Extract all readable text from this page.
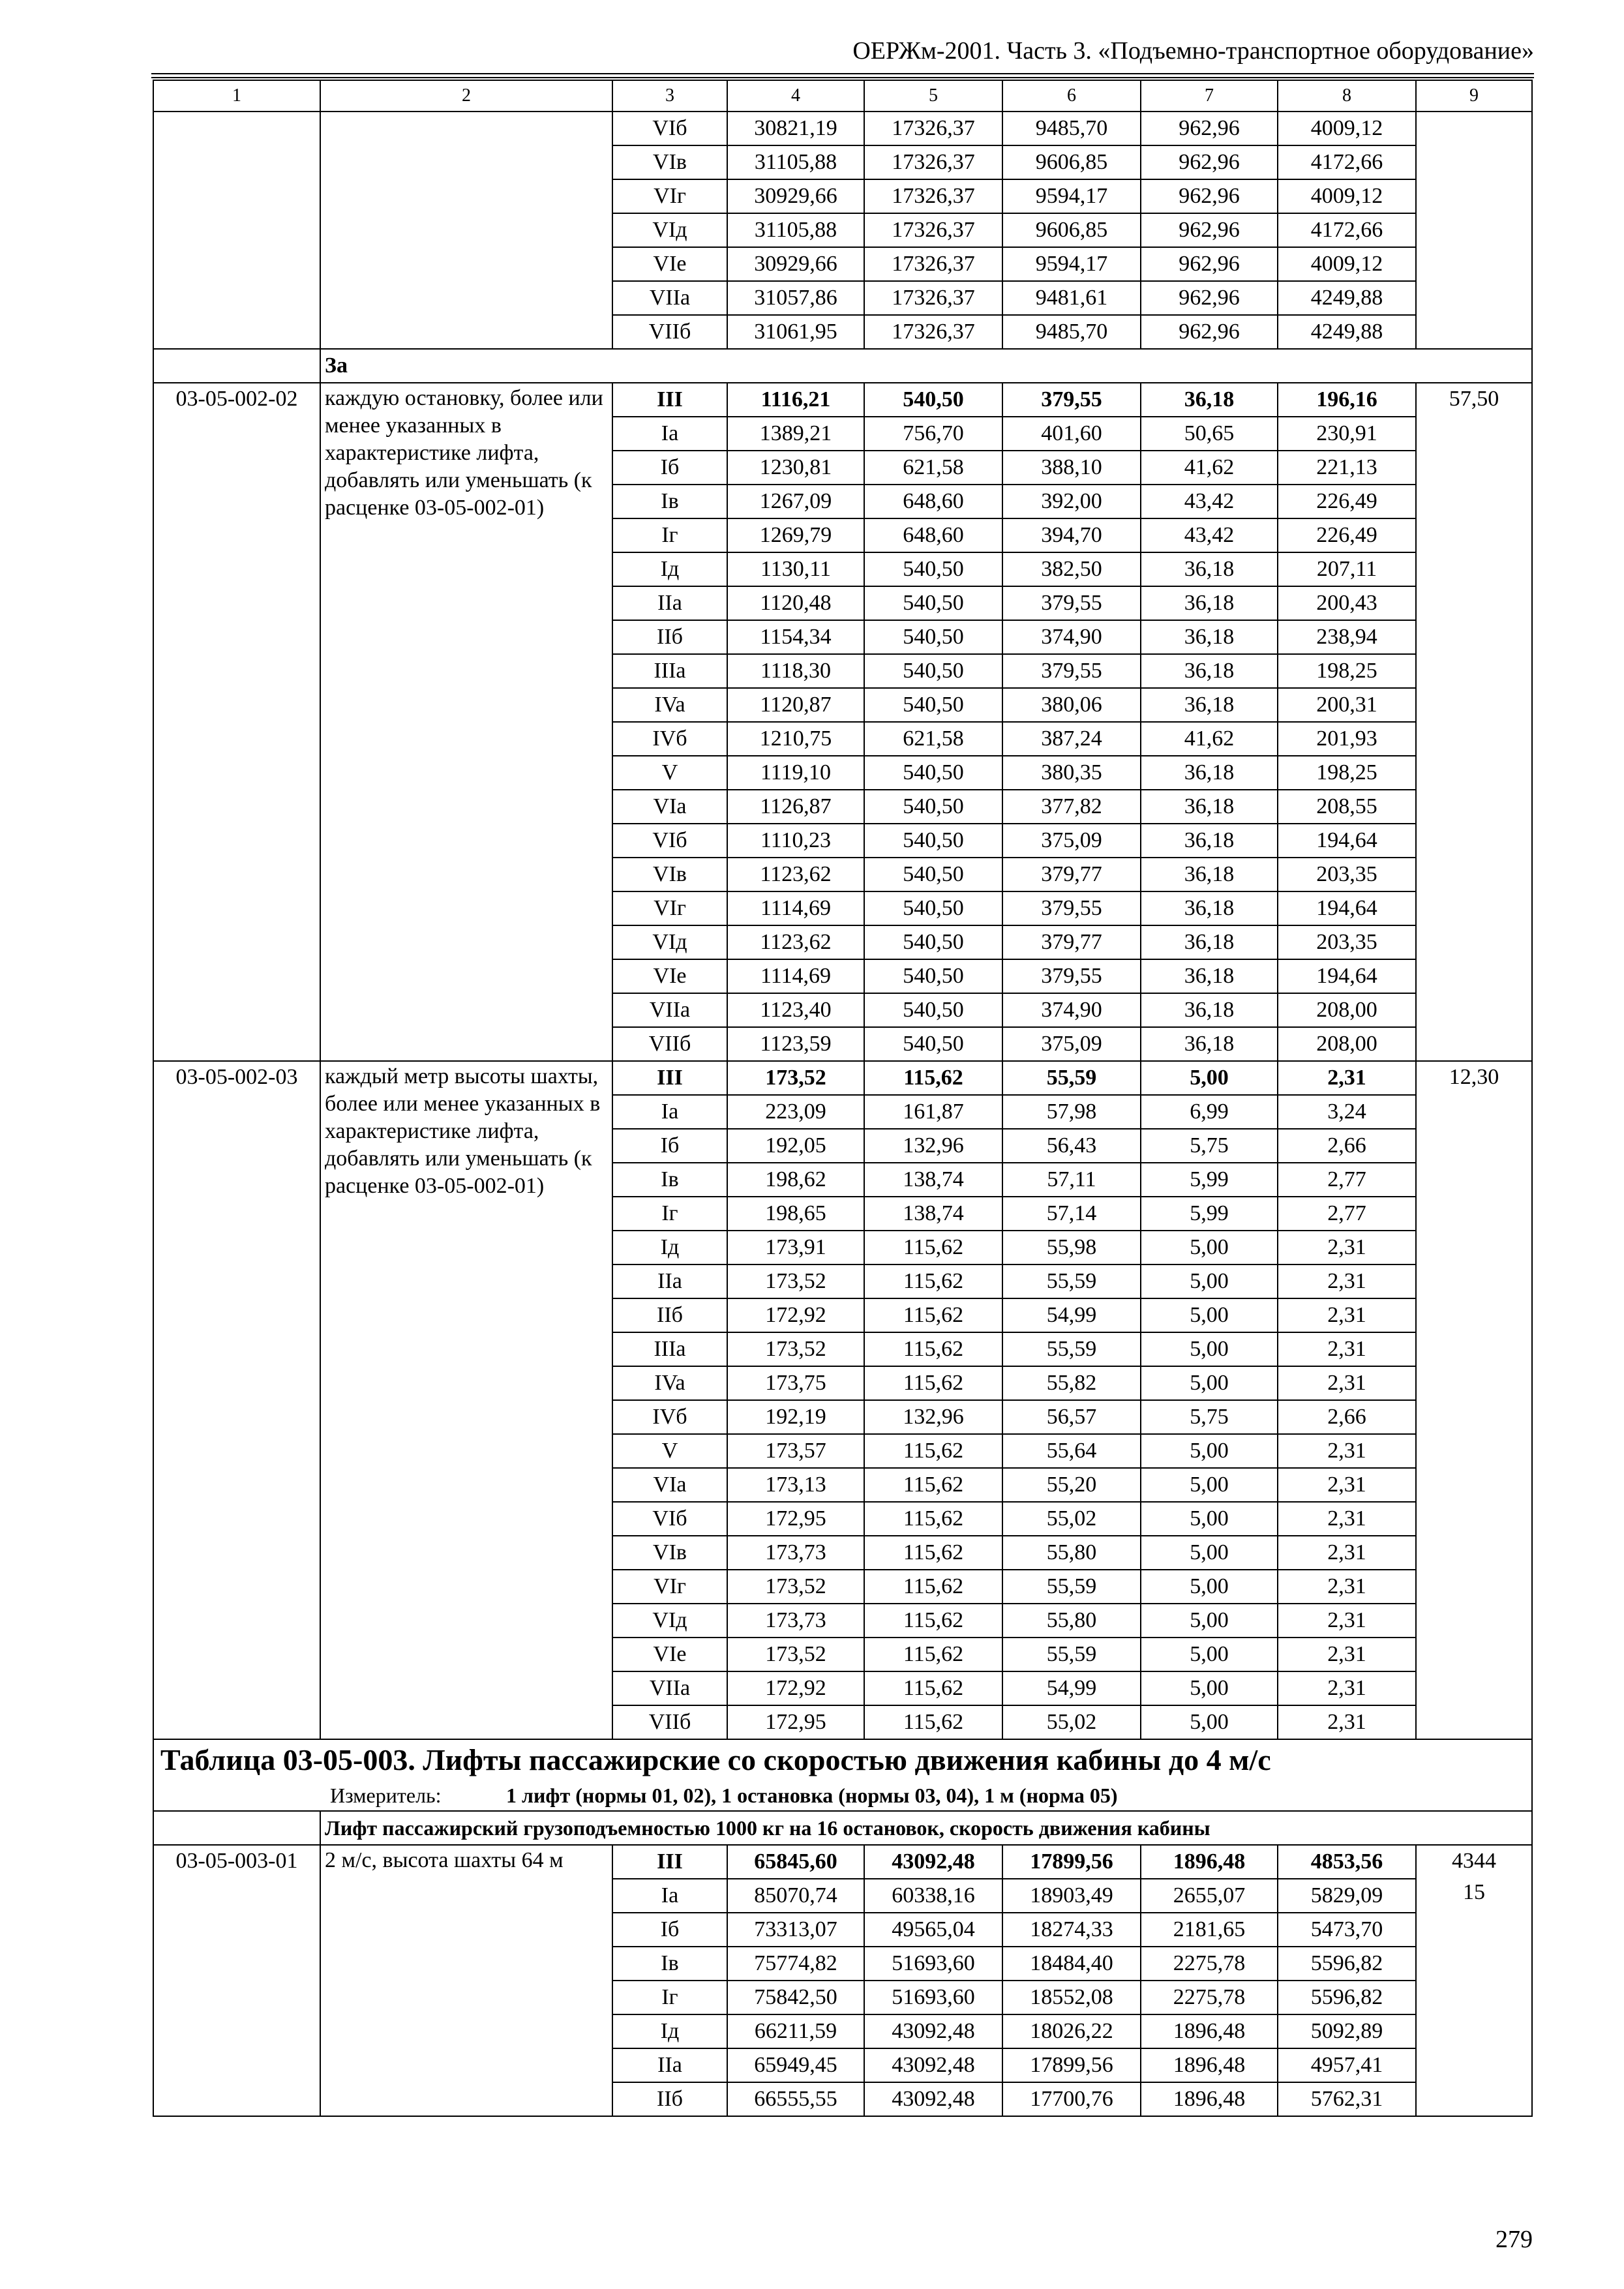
ОЕРЖм-2001. Часть 3. «Подъемно-транспортное оборудование»
1	2	3	4	5	6	7	8	9
		VIб	30821,19	17326,37	9485,70	962,96	4009,12	
		VIв	31105,88	17326,37	9606,85	962,96	4172,66	
		VIг	30929,66	17326,37	9594,17	962,96	4009,12	
		VIд	31105,88	17326,37	9606,85	962,96	4172,66	
		VIе	30929,66	17326,37	9594,17	962,96	4009,12	
		VIIa	31057,86	17326,37	9481,61	962,96	4249,88	
		VIIб	31061,95	17326,37	9485,70	962,96	4249,88	
	За							
03-05-002-02	каждую остановку, более или менее указанных в характеристике лифта, добавлять или уменьшать (к расценке 03-05-002-01)	III	1116,21	540,50	379,55	36,18	196,16	57,50

		Ia	1389,21	756,70	401,60	50,65	230,91	
		Iб	1230,81	621,58	388,10	41,62	221,13	
		Iв	1267,09	648,60	392,00	43,42	226,49	
		Iг	1269,79	648,60	394,70	43,42	226,49	
		Iд	1130,11	540,50	382,50	36,18	207,11	
		IIa	1120,48	540,50	379,55	36,18	200,43	
		IIб	1154,34	540,50	374,90	36,18	238,94	
		IIIa	1118,30	540,50	379,55	36,18	198,25	
		IVa	1120,87	540,50	380,06	36,18	200,31	
		IVб	1210,75	621,58	387,24	41,62	201,93	
		V	1119,10	540,50	380,35	36,18	198,25	
		VIa	1126,87	540,50	377,82	36,18	208,55	
		VIб	1110,23	540,50	375,09	36,18	194,64	
		VIв	1123,62	540,50	379,77	36,18	203,35	
		VIг	1114,69	540,50	379,55	36,18	194,64	
		VIд	1123,62	540,50	379,77	36,18	203,35	
		VIе	1114,69	540,50	379,55	36,18	194,64	
		VIIa	1123,40	540,50	374,90	36,18	208,00	
		VIIб	1123,59	540,50	375,09	36,18	208,00	
03-05-002-03	каждый метр высоты шахты, более или менее указанных в характеристике лифта, добавлять или уменьшать (к расценке 03-05-002-01)	III	173,52	115,62	55,59	5,00	2,31	12,30

		Ia	223,09	161,87	57,98	6,99	3,24	
		Iб	192,05	132,96	56,43	5,75	2,66	
		Iв	198,62	138,74	57,11	5,99	2,77	
		Iг	198,65	138,74	57,14	5,99	2,77	
		Iд	173,91	115,62	55,98	5,00	2,31	
		IIa	173,52	115,62	55,59	5,00	2,31	
		IIб	172,92	115,62	54,99	5,00	2,31	
		IIIa	173,52	115,62	55,59	5,00	2,31	
		IVa	173,75	115,62	55,82	5,00	2,31	
		IVб	192,19	132,96	56,57	5,75	2,66	
		V	173,57	115,62	55,64	5,00	2,31	
		VIa	173,13	115,62	55,20	5,00	2,31	
		VIб	172,95	115,62	55,02	5,00	2,31	
		VIв	173,73	115,62	55,80	5,00	2,31	
		VIг	173,52	115,62	55,59	5,00	2,31	
		VIд	173,73	115,62	55,80	5,00	2,31	
		VIе	173,52	115,62	55,59	5,00	2,31	
		VIIa	172,92	115,62	54,99	5,00	2,31	
		VIIб	172,95	115,62	55,02	5,00	2,31	
Таблица 03-05-003. Лифты пассажирские со скоростью движения кабины до 4 м/с								
Измеритель: 1 лифт (нормы 01, 02), 1 остановка (нормы 03, 04), 1 м (норма 05)								
	Лифт пассажирский грузоподъемностью 1000 кг на 16 остановок, скорость движения кабины							
03-05-003-01	2 м/с, высота шахты 64 м	III	65845,60	43092,48	17899,56	1896,48	4853,56	4344
15

		Ia	85070,74	60338,16	18903,49	2655,07	5829,09	
		Iб	73313,07	49565,04	18274,33	2181,65	5473,70	
		Iв	75774,82	51693,60	18484,40	2275,78	5596,82	
		Iг	75842,50	51693,60	18552,08	2275,78	5596,82	
		Iд	66211,59	43092,48	18026,22	1896,48	5092,89	
		IIa	65949,45	43092,48	17899,56	1896,48	4957,41	
		IIб	66555,55	43092,48	17700,76	1896,48	5762,31	
279
